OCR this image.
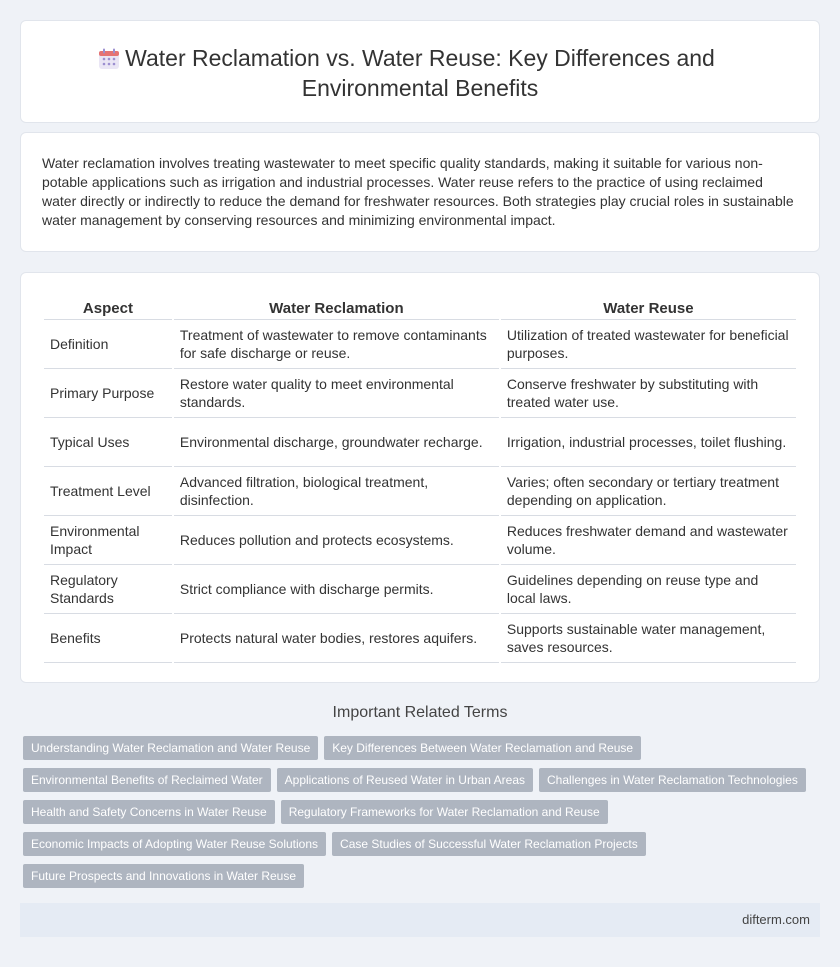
Water Reclamation vs. Water Reuse: Key Differences and Environmental Benefits

Water reclamation involves treating wastewater to meet specific quality standards, making it suitable for various non-potable applications such as irrigation and industrial processes. Water reuse refers to the practice of using reclaimed water directly or indirectly to reduce the demand for freshwater resources. Both strategies play crucial roles in sustainable water management by conserving resources and minimizing environmental impact.

Aspect	Water Reclamation	Water Reuse
Definition	Treatment of wastewater to remove contaminants for safe discharge or reuse.	Utilization of treated wastewater for beneficial purposes.
Primary Purpose	Restore water quality to meet environmental standards.	Conserve freshwater by substituting with treated water use.
Typical Uses	Environmental discharge, groundwater recharge.	Irrigation, industrial processes, toilet flushing.
Treatment Level	Advanced filtration, biological treatment, disinfection.	Varies; often secondary or tertiary treatment depending on application.
Environmental Impact	Reduces pollution and protects ecosystems.	Reduces freshwater demand and wastewater volume.
Regulatory Standards	Strict compliance with discharge permits.	Guidelines depending on reuse type and local laws.
Benefits	Protects natural water bodies, restores aquifers.	Supports sustainable water management, saves resources.
Important Related Terms
Understanding Water Reclamation and Water Reuse	Key Differences Between Water Reclamation and Reuse
Environmental Benefits of Reclaimed Water	Applications of Reused Water in Urban Areas	Challenges in Water Reclamation Technologies
Health and Safety Concerns in Water Reuse	Regulatory Frameworks for Water Reclamation and Reuse
Economic Impacts of Adopting Water Reuse Solutions	Case Studies of Successful Water Reclamation Projects
Future Prospects and Innovations in Water Reuse
difterm.com
